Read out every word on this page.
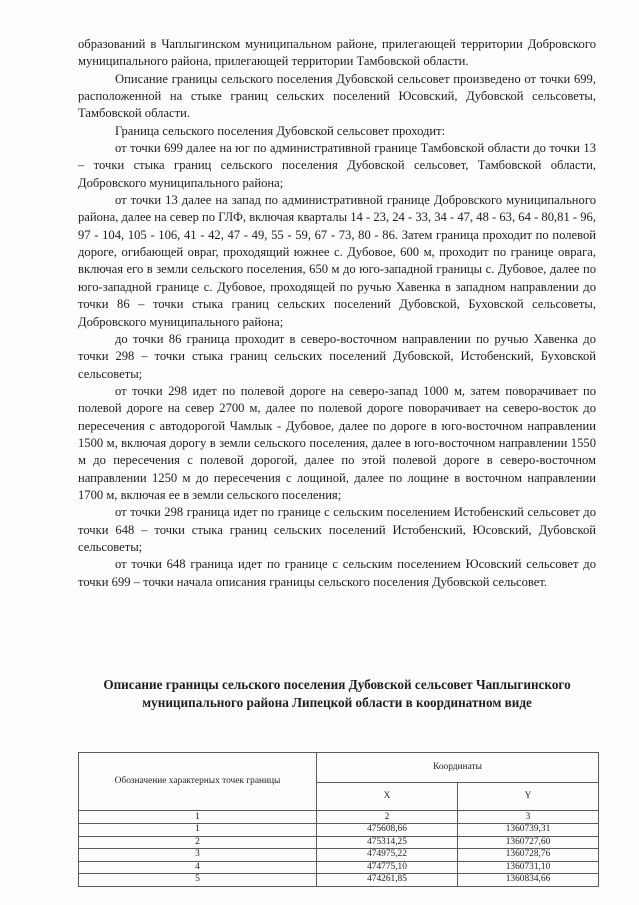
образований в Чаплыгинском муниципальном районе, прилегающей территории Добровского муниципального района, прилегающей территории Тамбовской области.

Описание границы сельского поселения Дубовской сельсовет произведено от точки 699, расположенной на стыке границ сельских поселений Юсовский, Дубовской сельсоветы, Тамбовской области.

Граница сельского поселения Дубовской сельсовет проходит:

от точки 699 далее на юг по административной границе Тамбовской области до точки 13 – точки стыка границ сельского поселения Дубовской сельсовет, Тамбовской области, Добровского муниципального района;

от точки 13 далее на запад по административной границе Добровского муниципального района, далее на север по ГЛФ, включая кварталы 14 - 23, 24 - 33, 34 - 47, 48 - 63, 64 - 80,81 - 96, 97 - 104, 105 - 106, 41 - 42, 47 - 49, 55 - 59, 67 - 73, 80 - 86. Затем граница проходит по полевой дороге, огибающей овраг, проходящий южнее с. Дубовое, 600 м, проходит по границе оврага, включая его в земли сельского поселения, 650 м до юго-западной границы с. Дубовое, далее по юго-западной границе с. Дубовое, проходящей по ручью Хавенка в западном направлении до точки 86 – точки стыка границ сельских поселений Дубовской, Буховской сельсоветы, Добровского муниципального района;

до точки 86 граница проходит в северо-восточном направлении по ручью Хавенка до точки 298 – точки стыка границ сельских поселений Дубовской, Истобенский, Буховской сельсоветы;

от точки 298 идет по полевой дороге на северо-запад 1000 м, затем поворачивает по полевой дороге на север 2700 м, далее по полевой дороге поворачивает на северо-восток до пересечения с автодорогой Чамлык - Дубовое, далее по дороге в юго-восточном направлении 1500 м, включая дорогу в земли сельского поселения, далее в юго-восточном направлении 1550 м до пересечения с полевой дорогой, далее по этой полевой дороге в северо-восточном направлении 1250 м до пересечения с лощиной, далее по лощине в восточном направлении 1700 м, включая ее в земли сельского поселения;

от точки 298 граница идет по границе с сельским поселением Истобенский сельсовет до точки 648 – точки стыка границ сельских поселений Истобенский, Юсовский, Дубовской сельсоветы;

от точки 648 граница идет по границе с сельским поселением Юсовский сельсовет до точки 699 – точки начала описания границы сельского поселения Дубовской сельсовет.

Описание границы сельского поселения Дубовской сельсовет Чаплыгинского муниципального района Липецкой области в координатном виде
Обозначение характерных точек границы	Координаты	
	X	Y
1	2	3
1	475608,66	1360739,31
2	475314,25	1360727,60
3	474975,22	1360728,76
4	474775,10	1360731,10
5	474261,85	1360834,66
